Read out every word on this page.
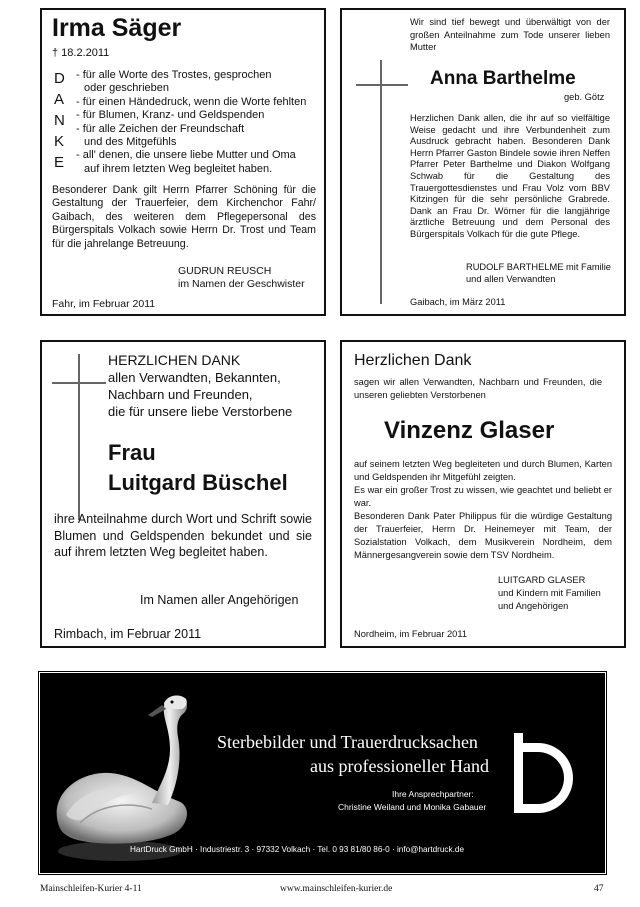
Irma Säger
† 18.2.2011
D
A
N
K
E
- für alle Worte des Trostes, gesprochen
oder geschrieben
- für einen Händedruck, wenn die Worte fehlten
- für Blumen, Kranz- und Geldspenden
- für alle Zeichen der Freundschaft
und des Mitgefühls
- all' denen, die unsere liebe Mutter und Oma
auf ihrem letzten Weg begleitet haben.
Besonderer Dank gilt Herrn Pfarrer Schöning für die Gestaltung der Trauerfeier, dem Kirchenchor Fahr/ Gaibach, des weiteren dem Pflegepersonal des Bürgerspitals Volkach sowie Herrn Dr. Trost und Team für die jahrelange Betreuung.
GUDRUN REUSCH
im Namen der Geschwister
Fahr, im Februar 2011
Wir sind tief bewegt und überwältigt von der großen Anteilnahme zum Tode unserer lieben Mutter
Anna Barthelme
geb. Götz
Herzlichen Dank allen, die ihr auf so vielfältige Weise gedacht und ihre Verbundenheit zum Ausdruck gebracht haben. Besonderen Dank Herrn Pfarrer Gaston Bindele sowie ihren Neffen Pfarrer Peter Barthelme und Diakon Wolfgang Schwab für die Gestaltung des Trauergottesdienstes und Frau Volz vom BBV Kitzingen für die sehr persönliche Grabrede. Dank an Frau Dr. Wörner für die langjährige ärztliche Betreuung und dem Personal des Bürgerspitals Volkach für die gute Pflege.
RUDOLF BARTHELME mit Familie
und allen Verwandten
Gaibach, im März 2011
HERZLICHEN DANK
allen Verwandten, Bekannten,
Nachbarn und Freunden,
die für unsere liebe Verstorbene
Frau
Luitgard Büschel
ihre Anteilnahme durch Wort und Schrift sowie Blumen und Geldspenden bekundet und sie auf ihrem letzten Weg begleitet haben.
Im Namen aller Angehörigen
Rimbach, im Februar 2011
Herzlichen Dank
sagen wir allen Verwandten, Nachbarn und Freunden, die unseren geliebten Verstorbenen
Vinzenz Glaser
auf seinem letzten Weg begleiteten und durch Blumen, Karten und Geldspenden ihr Mitgefühl zeigten.
Es war ein großer Trost zu wissen, wie geachtet und beliebt er war.
Besonderen Dank Pater Philippus für die würdige Gestaltung der Trauerfeier, Herrn Dr. Heinemeyer mit Team, der Sozialstation Volkach, dem Musikverein Nordheim, dem Männergesangverein sowie dem TSV Nordheim.
LUITGARD GLASER
und Kindern mit Familien
und Angehörigen
Nordheim, im Februar 2011
Sterbebilder und Trauerdrucksachen
aus professioneller Hand
Ihre Ansprechpartner:
Christine Weiland und Monika Gabauer
HartDruck GmbH · Industriestr. 3 · 97332 Volkach · Tel. 0 93 81/80 86-0 · info@hartdruck.de
Mainschleifen-Kurier 4-11	www.mainschleifen-kurier.de	47
